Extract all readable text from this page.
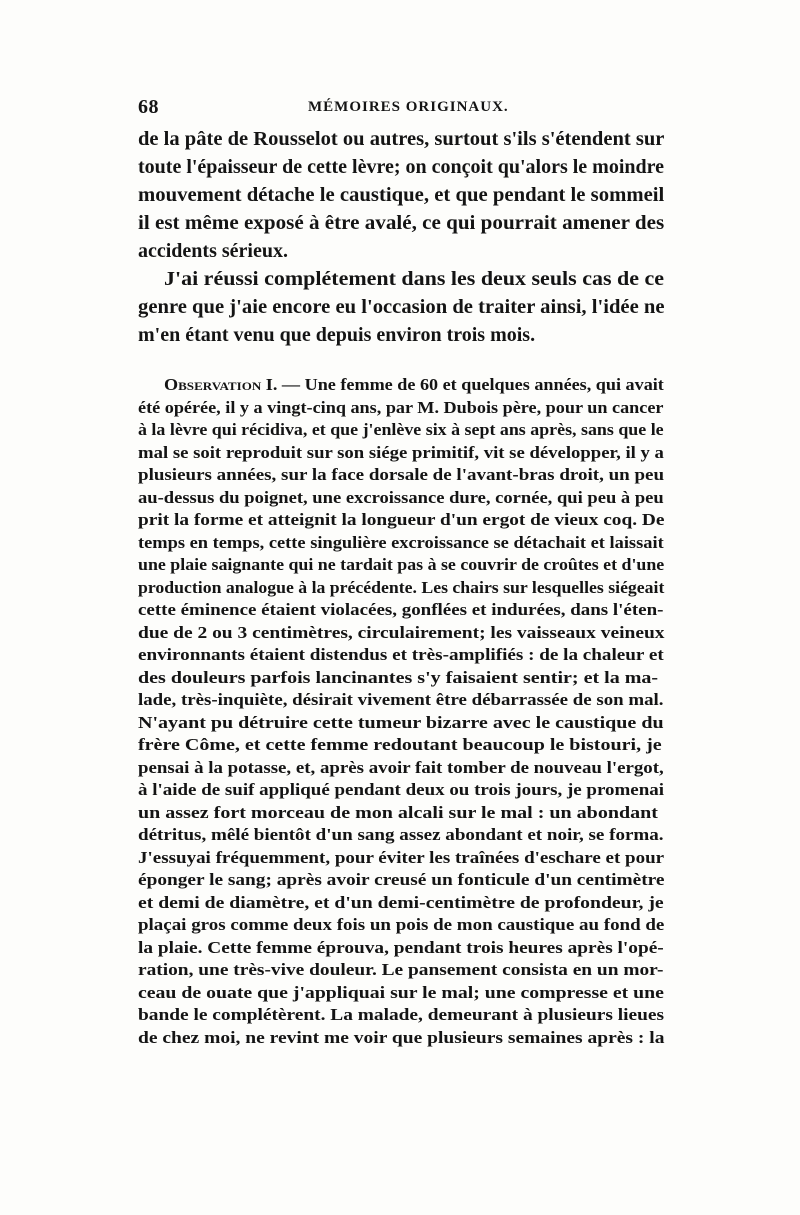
68	MÉMOIRES ORIGINAUX.
de la pâte de Rousselot ou autres, surtout s'ils s'étendent sur
toute l'épaisseur de cette lèvre; on conçoit qu'alors le moindre
mouvement détache le caustique, et que pendant le sommeil
il est même exposé à être avalé, ce qui pourrait amener des
accidents sérieux.
J'ai réussi complétement dans les deux seuls cas de ce
genre que j'aie encore eu l'occasion de traiter ainsi, l'idée ne
m'en étant venu que depuis environ trois mois.
Observation I. — Une femme de 60 et quelques années, qui avait
été opérée, il y a vingt-cinq ans, par M. Dubois père, pour un cancer
à la lèvre qui récidiva, et que j'enlève six à sept ans après, sans que le
mal se soit reproduit sur son siége primitif, vit se développer, il y a
plusieurs années, sur la face dorsale de l'avant-bras droit, un peu
au-dessus du poignet, une excroissance dure, cornée, qui peu à peu
prit la forme et atteignit la longueur d'un ergot de vieux coq. De
temps en temps, cette singulière excroissance se détachait et laissait
une plaie saignante qui ne tardait pas à se couvrir de croûtes et d'une
production analogue à la précédente. Les chairs sur lesquelles siégeait
cette éminence étaient violacées, gonflées et indurées, dans l'éten-
due de 2 ou 3 centimètres, circulairement; les vaisseaux veineux
environnants étaient distendus et très-amplifiés : de la chaleur et
des douleurs parfois lancinantes s'y faisaient sentir; et la ma-
lade, très-inquiète, désirait vivement être débarrassée de son mal.
N'ayant pu détruire cette tumeur bizarre avec le caustique du
frère Côme, et cette femme redoutant beaucoup le bistouri, je
pensai à la potasse, et, après avoir fait tomber de nouveau l'ergot,
à l'aide de suif appliqué pendant deux ou trois jours, je promenai
un assez fort morceau de mon alcali sur le mal : un abondant
détritus, mêlé bientôt d'un sang assez abondant et noir, se forma.
J'essuyai fréquemment, pour éviter les traînées d'eschare et pour
éponger le sang; après avoir creusé un fonticule d'un centimètre
et demi de diamètre, et d'un demi-centimètre de profondeur, je
plaçai gros comme deux fois un pois de mon caustique au fond de
la plaie. Cette femme éprouva, pendant trois heures après l'opé-
ration, une très-vive douleur. Le pansement consista en un mor-
ceau de ouate que j'appliquai sur le mal; une compresse et une
bande le complétèrent. La malade, demeurant à plusieurs lieues
de chez moi, ne revint me voir que plusieurs semaines après : la
